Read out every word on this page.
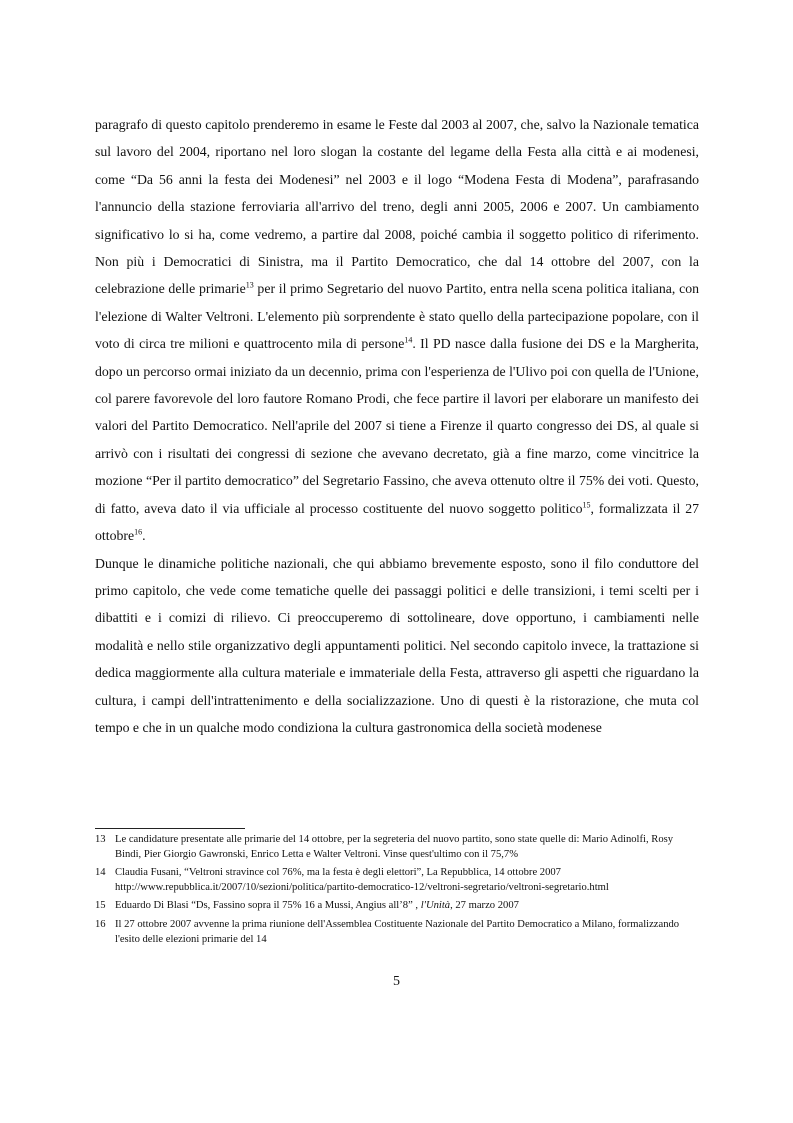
paragrafo di questo capitolo prenderemo in esame le Feste dal 2003 al 2007, che, salvo la Nazionale tematica sul lavoro del 2004, riportano nel loro slogan la costante del legame della Festa alla città e ai modenesi, come “Da 56 anni la festa dei Modenesi” nel 2003 e il logo “Modena Festa di Modena”, parafrasando l'annuncio della stazione ferroviaria all'arrivo del treno, degli anni 2005, 2006 e 2007. Un cambiamento significativo lo si ha, come vedremo, a partire dal 2008, poiché cambia il soggetto politico di riferimento. Non più i Democratici di Sinistra, ma il Partito Democratico, che dal 14 ottobre del 2007, con la celebrazione delle primarie$^{13}$ per il primo Segretario del nuovo Partito, entra nella scena politica italiana, con l'elezione di Walter Veltroni. L'elemento più sorprendente è stato quello della partecipazione popolare, con il voto di circa tre milioni e quattrocento mila di persone$^{14}$. Il PD nasce dalla fusione dei DS e la Margherita, dopo un percorso ormai iniziato da un decennio, prima con l'esperienza de l'Ulivo poi con quella de l'Unione, col parere favorevole del loro fautore Romano Prodi, che fece partire il lavori per elaborare un manifesto dei valori del Partito Democratico. Nell'aprile del 2007 si tiene a Firenze il quarto congresso dei DS, al quale si arrivò con i risultati dei congressi di sezione che avevano decretato, già a fine marzo, come vincitrice la mozione “Per il partito democratico” del Segretario Fassino, che aveva ottenuto oltre il 75% dei voti. Questo, di fatto, aveva dato il via ufficiale al processo costituente del nuovo soggetto politico$^{15}$, formalizzata il 27 ottobre$^{16}$.

Dunque le dinamiche politiche nazionali, che qui abbiamo brevemente esposto, sono il filo conduttore del primo capitolo, che vede come tematiche quelle dei passaggi politici e delle transizioni, i temi scelti per i dibattiti e i comizi di rilievo. Ci preoccuperemo di sottolineare, dove opportuno, i cambiamenti nelle modalità e nello stile organizzativo degli appuntamenti politici. Nel secondo capitolo invece, la trattazione si dedica maggiormente alla cultura materiale e immateriale della Festa, attraverso gli aspetti che riguardano la cultura, i campi dell'intrattenimento e della socializzazione. Uno di questi è la ristorazione, che muta col tempo e che in un qualche modo condiziona la cultura gastronomica della società modenese

13 Le candidature presentate alle primarie del 14 ottobre, per la segreteria del nuovo partito, sono state quelle di: Mario Adinolfi, Rosy Bindi, Pier Giorgio Gawronski, Enrico Letta e Walter Veltroni. Vinse quest'ultimo con il 75,7%
14 Claudia Fusani, “Veltroni stravince col 76%, ma la festa è degli elettori”, La Repubblica, 14 ottobre 2007 http://www.repubblica.it/2007/10/sezioni/politica/partito-democratico-12/veltroni-segretario/veltroni-segretario.html
15 Eduardo Di Blasi “Ds, Fassino sopra il 75% 16 a Mussi, Angius all’8” , l'Unità, 27 marzo 2007
16 Il 27 ottobre 2007 avvenne la prima riunione dell'Assemblea Costituente Nazionale del Partito Democratico a Milano, formalizzando l'esito delle elezioni primarie del 14
5
